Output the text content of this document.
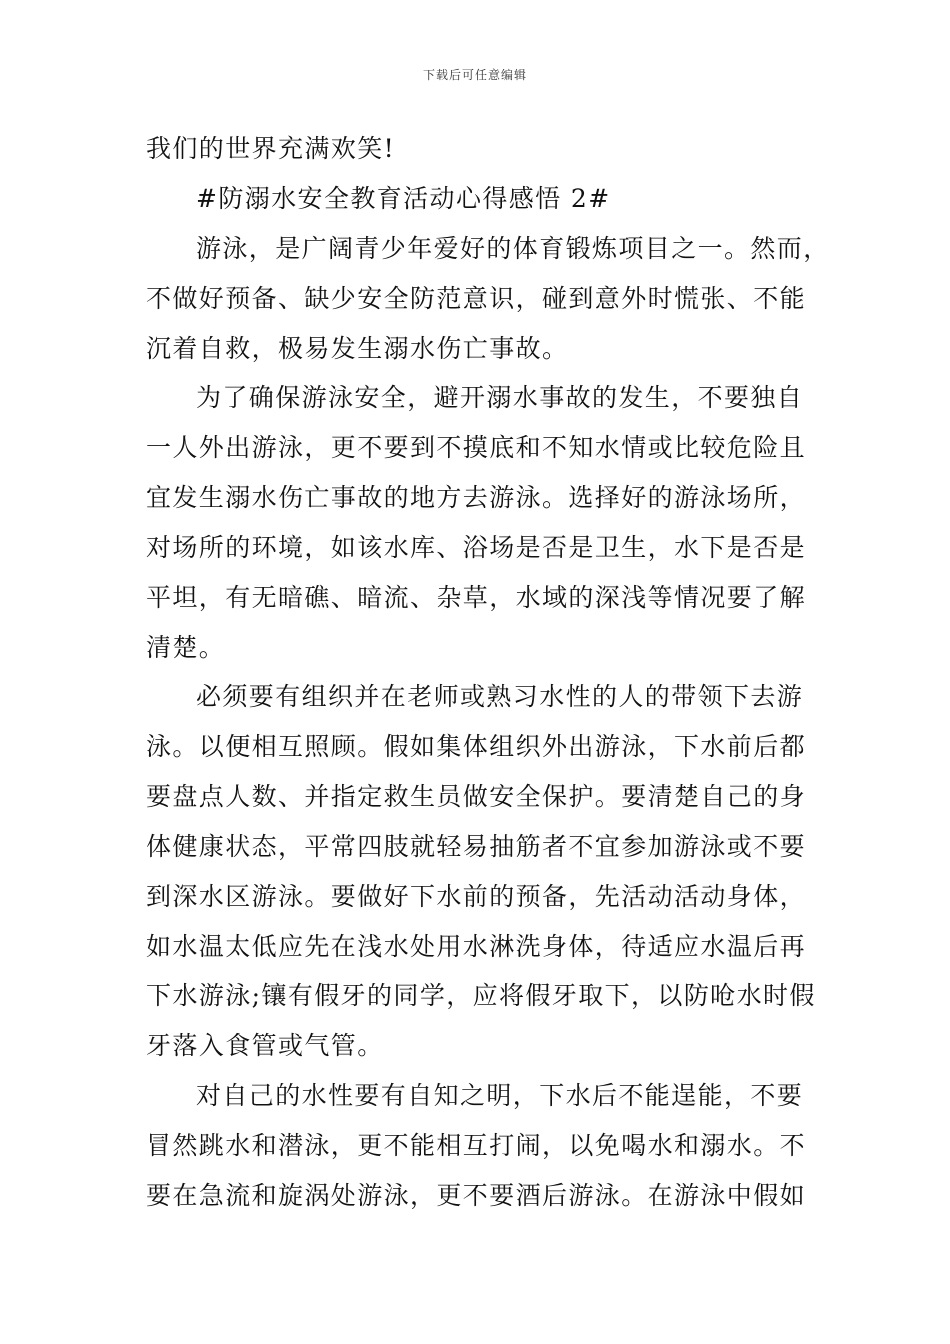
下载后可任意编辑
我们的世界充满欢笑!
#防溺水安全教育活动心得感悟 2#
游泳，是广阔青少年爱好的体育锻炼项目之一。然而，
不做好预备、缺少安全防范意识，碰到意外时慌张、不能
沉着自救，极易发生溺水伤亡事故。
为了确保游泳安全，避开溺水事故的发生，不要独自
一人外出游泳，更不要到不摸底和不知水情或比较危险且
宜发生溺水伤亡事故的地方去游泳。选择好的游泳场所，
对场所的环境，如该水库、浴场是否是卫生，水下是否是
平坦，有无暗礁、暗流、杂草，水域的深浅等情况要了解
清楚。
必须要有组织并在老师或熟习水性的人的带领下去游
泳。以便相互照顾。假如集体组织外出游泳，下水前后都
要盘点人数、并指定救生员做安全保护。要清楚自己的身
体健康状态，平常四肢就轻易抽筋者不宜参加游泳或不要
到深水区游泳。要做好下水前的预备，先活动活动身体，
如水温太低应先在浅水处用水淋洗身体，待适应水温后再
下水游泳;镶有假牙的同学，应将假牙取下，以防呛水时假
牙落入食管或气管。
对自己的水性要有自知之明，下水后不能逞能，不要
冒然跳水和潜泳，更不能相互打闹，以免喝水和溺水。不
要在急流和旋涡处游泳，更不要酒后游泳。在游泳中假如
